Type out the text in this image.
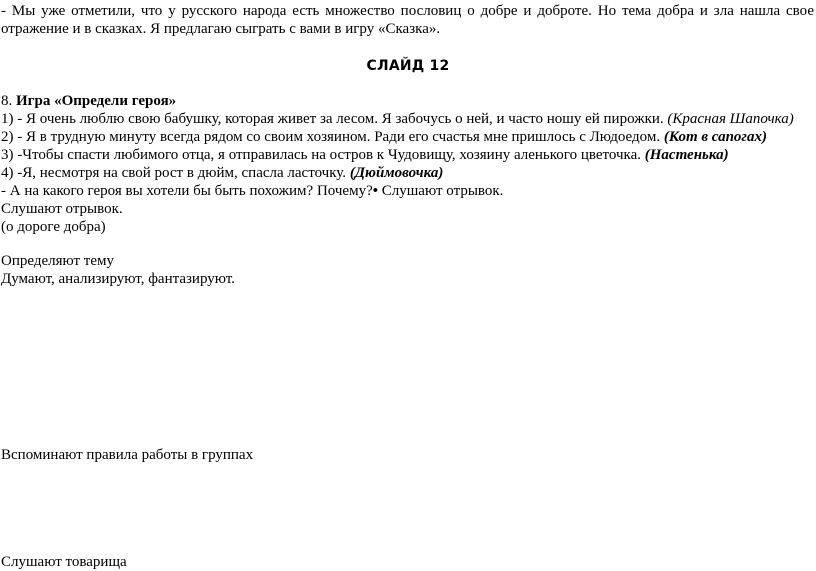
- Мы уже отметили, что у русского народа есть множество пословиц о добре и доброте. Но тема добра и зла нашла свое
отражение и в сказках. Я предлагаю сыграть с вами в игру «Сказка».
СЛАЙД 12
8. Игра «Определи героя»
1) - Я очень люблю свою бабушку, которая живет за лесом. Я забочусь о ней, и часто ношу ей пирожки. (Красная Шапочка)
2) - Я в трудную минуту всегда рядом со своим хозяином. Ради его счастья мне пришлось с Людоедом. (Кот в сапогах)
3) -Чтобы спасти любимого отца, я отправилась на остров к Чудовищу, хозяину аленького цветочка. (Настенька)
4) -Я, несмотря на свой рост в дюйм, спасла ласточку. (Дюймовочка)
- А на какого героя вы хотели бы быть похожим? Почему?• Слушают отрывок.
Слушают отрывок.
(о дороге добра)
Определяют тему
Думают, анализируют, фантазируют.
Вспоминают правила работы в группах
Слушают товарища
